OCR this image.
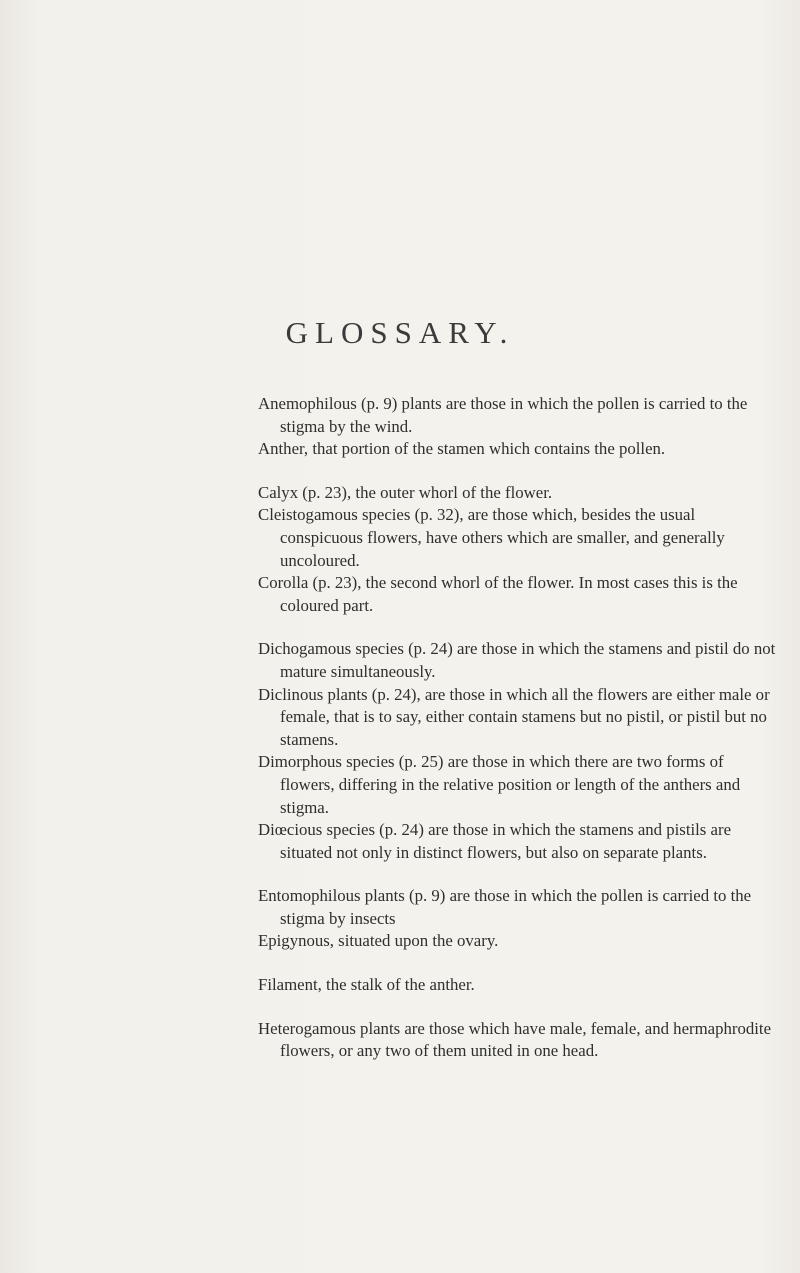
GLOSSARY.

Anemophilous (p. 9) plants are those in which the pollen is carried to the stigma by the wind.

Anther, that portion of the stamen which contains the pollen.

Calyx (p. 23), the outer whorl of the flower.

Cleistogamous species (p. 32), are those which, besides the usual conspicuous flowers, have others which are smaller, and generally uncoloured.

Corolla (p. 23), the second whorl of the flower. In most cases this is the coloured part.

Dichogamous species (p. 24) are those in which the stamens and pistil do not mature simultaneously.

Diclinous plants (p. 24), are those in which all the flowers are either male or female, that is to say, either contain stamens but no pistil, or pistil but no stamens.

Dimorphous species (p. 25) are those in which there are two forms of flowers, differing in the relative position or length of the anthers and stigma.

Diœcious species (p. 24) are those in which the stamens and pistils are situated not only in distinct flowers, but also on separate plants.

Entomophilous plants (p. 9) are those in which the pollen is carried to the stigma by insects

Epigynous, situated upon the ovary.

Filament, the stalk of the anther.

Heterogamous plants are those which have male, female, and hermaphrodite flowers, or any two of them united in one head.
